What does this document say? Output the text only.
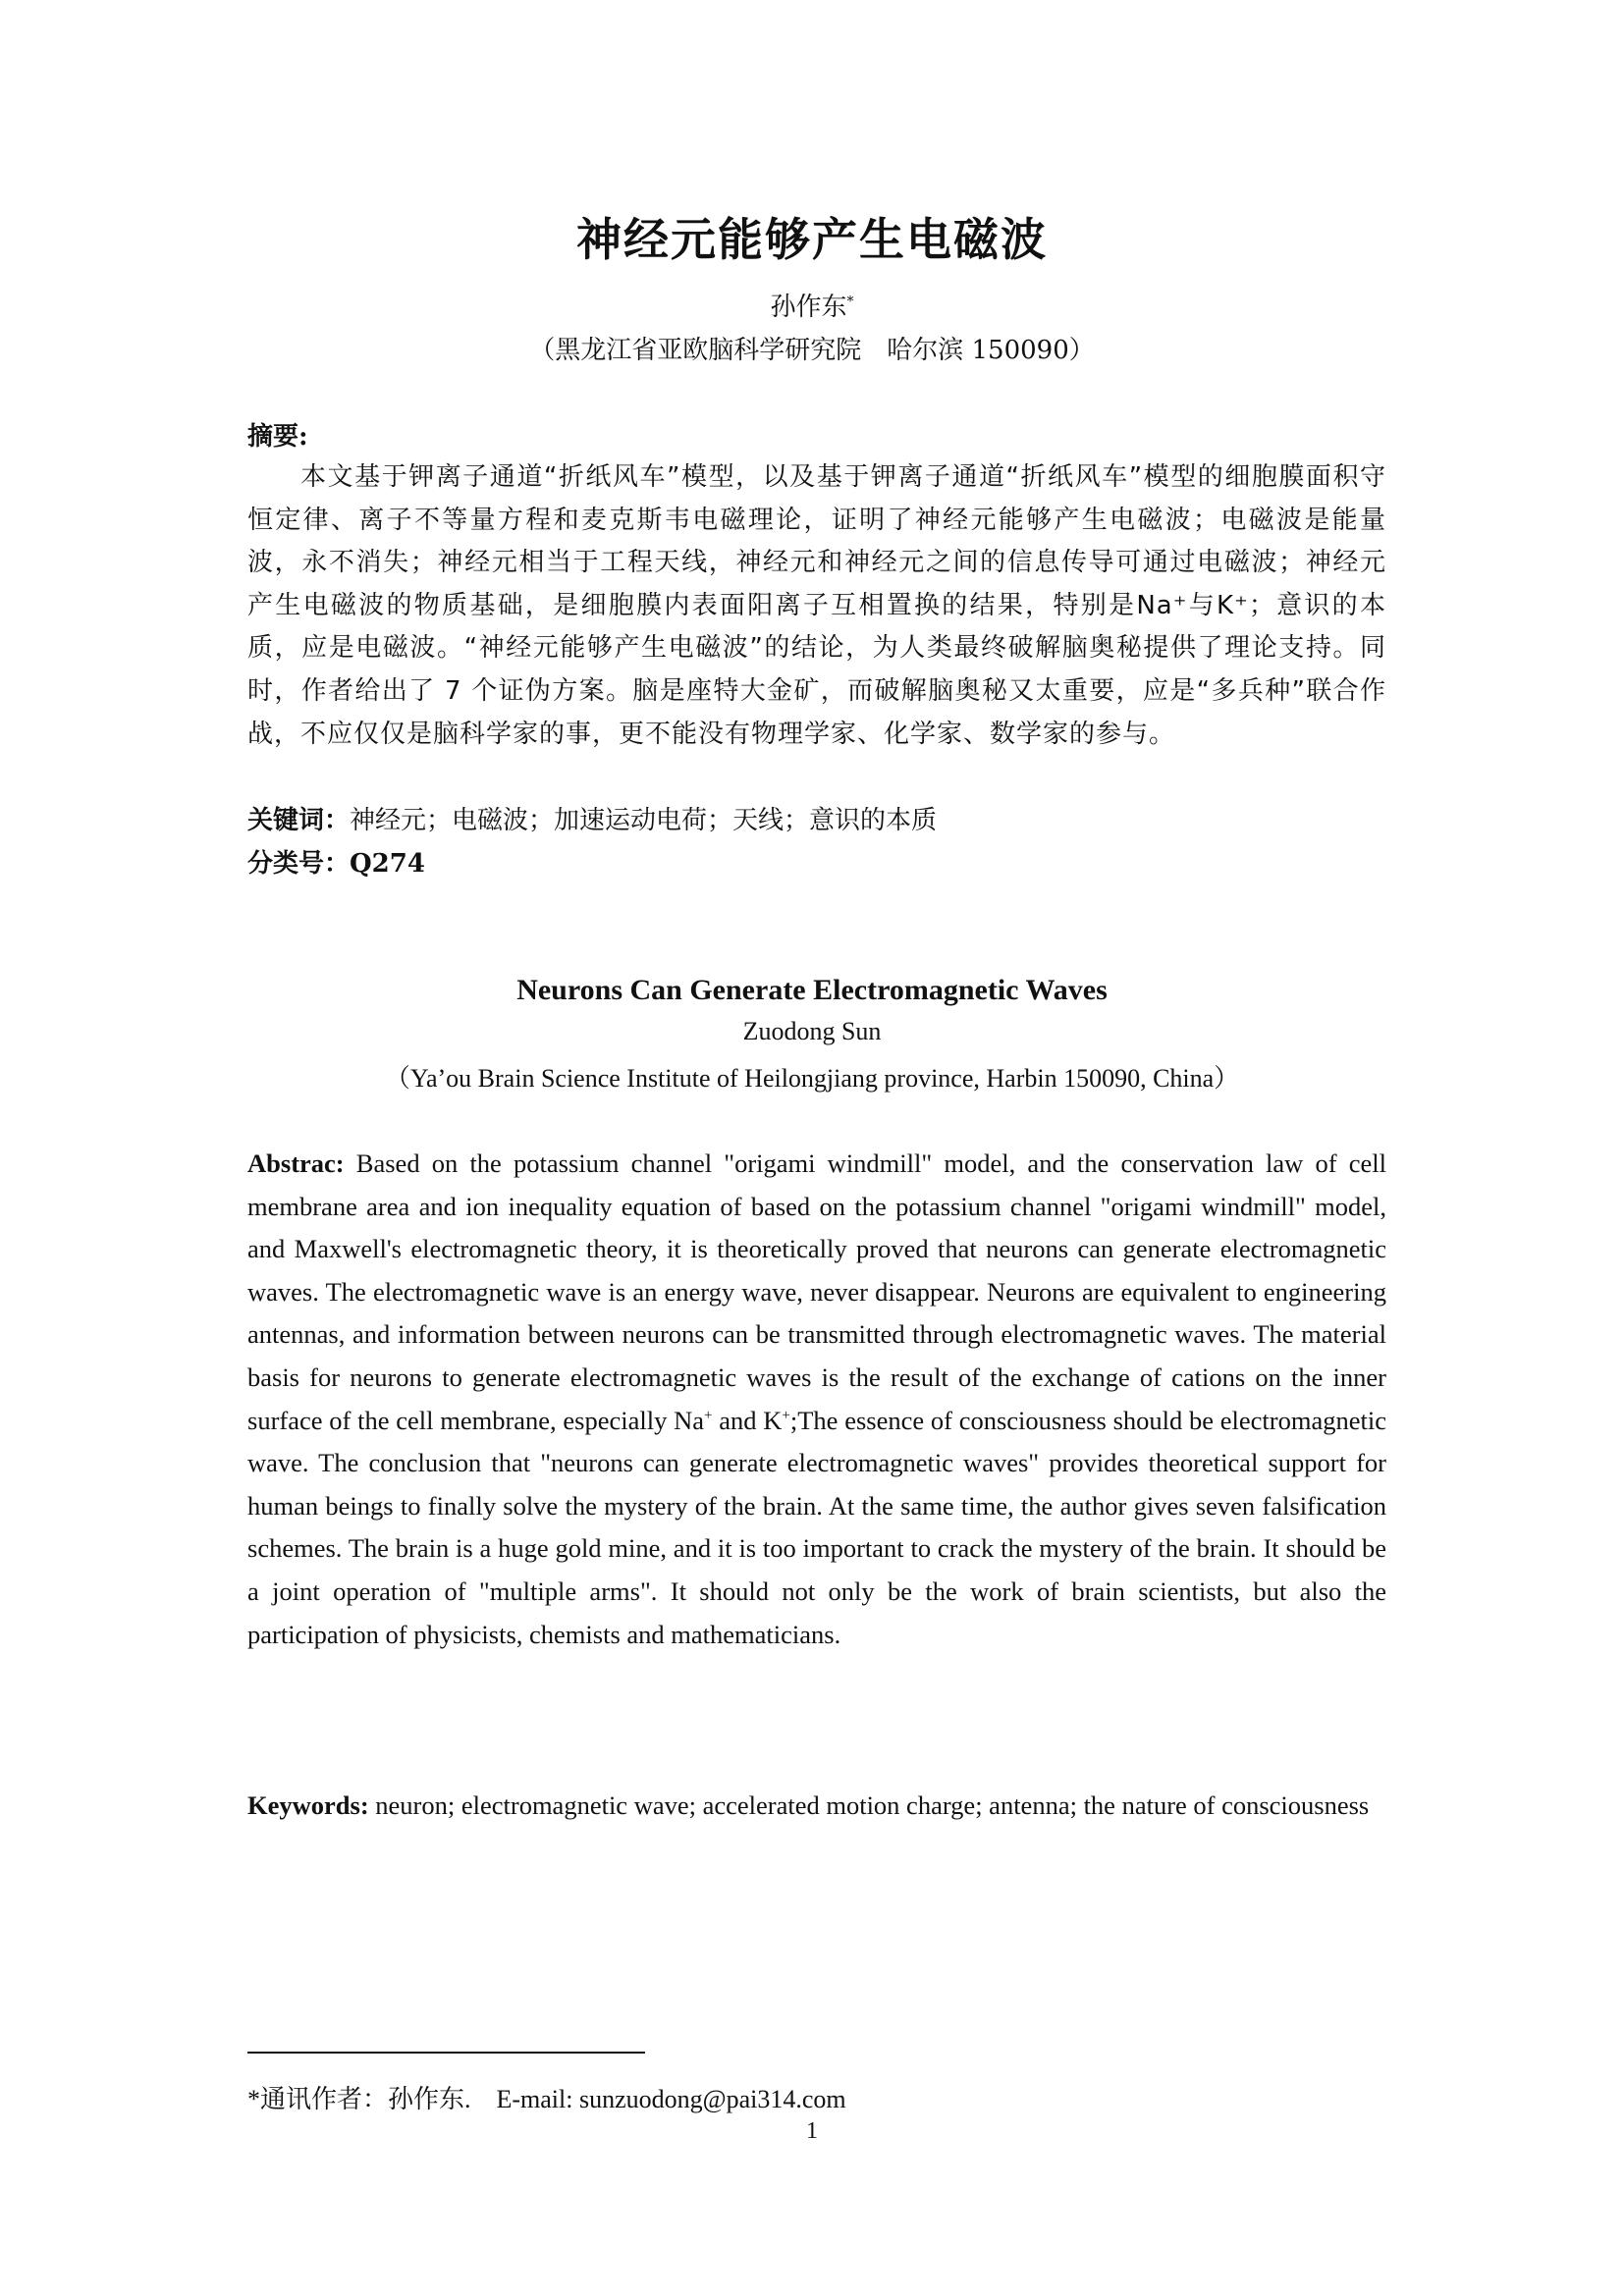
神经元能够产生电磁波
孙作东*
（黑龙江省亚欧脑科学研究院　哈尔滨 150090）
摘要:
本文基于钾离子通道“折纸风车”模型，以及基于钾离子通道“折纸风车”模型的细胞膜面积守恒定律、离子不等量方程和麦克斯韦电磁理论，证明了神经元能够产生电磁波；电磁波是能量波，永不消失；神经元相当于工程天线，神经元和神经元之间的信息传导可通过电磁波；神经元产生电磁波的物质基础，是细胞膜内表面阳离子互相置换的结果，特别是Na⁺与K⁺；意识的本质，应是电磁波。“神经元能够产生电磁波”的结论，为人类最终破解脑奥秘提供了理论支持。同时，作者给出了 7 个证伪方案。脑是座特大金矿，而破解脑奥秘又太重要，应是“多兵种”联合作战，不应仅仅是脑科学家的事，更不能没有物理学家、化学家、数学家的参与。
关键词：神经元；电磁波；加速运动电荷；天线；意识的本质
分类号：Q274
Neurons Can Generate Electromagnetic Waves
Zuodong Sun
（Ya’ou Brain Science Institute of Heilongjiang province, Harbin 150090, China）
Abstrac: Based on the potassium channel "origami windmill" model, and the conservation law of cell membrane area and ion inequality equation of based on the potassium channel "origami windmill" model, and Maxwell's electromagnetic theory, it is theoretically proved that neurons can generate electromagnetic waves. The electromagnetic wave is an energy wave, never disappear. Neurons are equivalent to engineering antennas, and information between neurons can be transmitted through electromagnetic waves. The material basis for neurons to generate electromagnetic waves is the result of the exchange of cations on the inner surface of the cell membrane, especially Na+ and K+;The essence of consciousness should be electromagnetic wave. The conclusion that "neurons can generate electromagnetic waves" provides theoretical support for human beings to finally solve the mystery of the brain. At the same time, the author gives seven falsification schemes. The brain is a huge gold mine, and it is too important to crack the mystery of the brain. It should be a joint operation of "multiple arms". It should not only be the work of brain scientists, but also the participation of physicists, chemists and mathematicians.
Keywords: neuron; electromagnetic wave; accelerated motion charge; antenna; the nature of consciousness
*通讯作者：孙作东.　E-mail: sunzuodong@pai314.com
1
